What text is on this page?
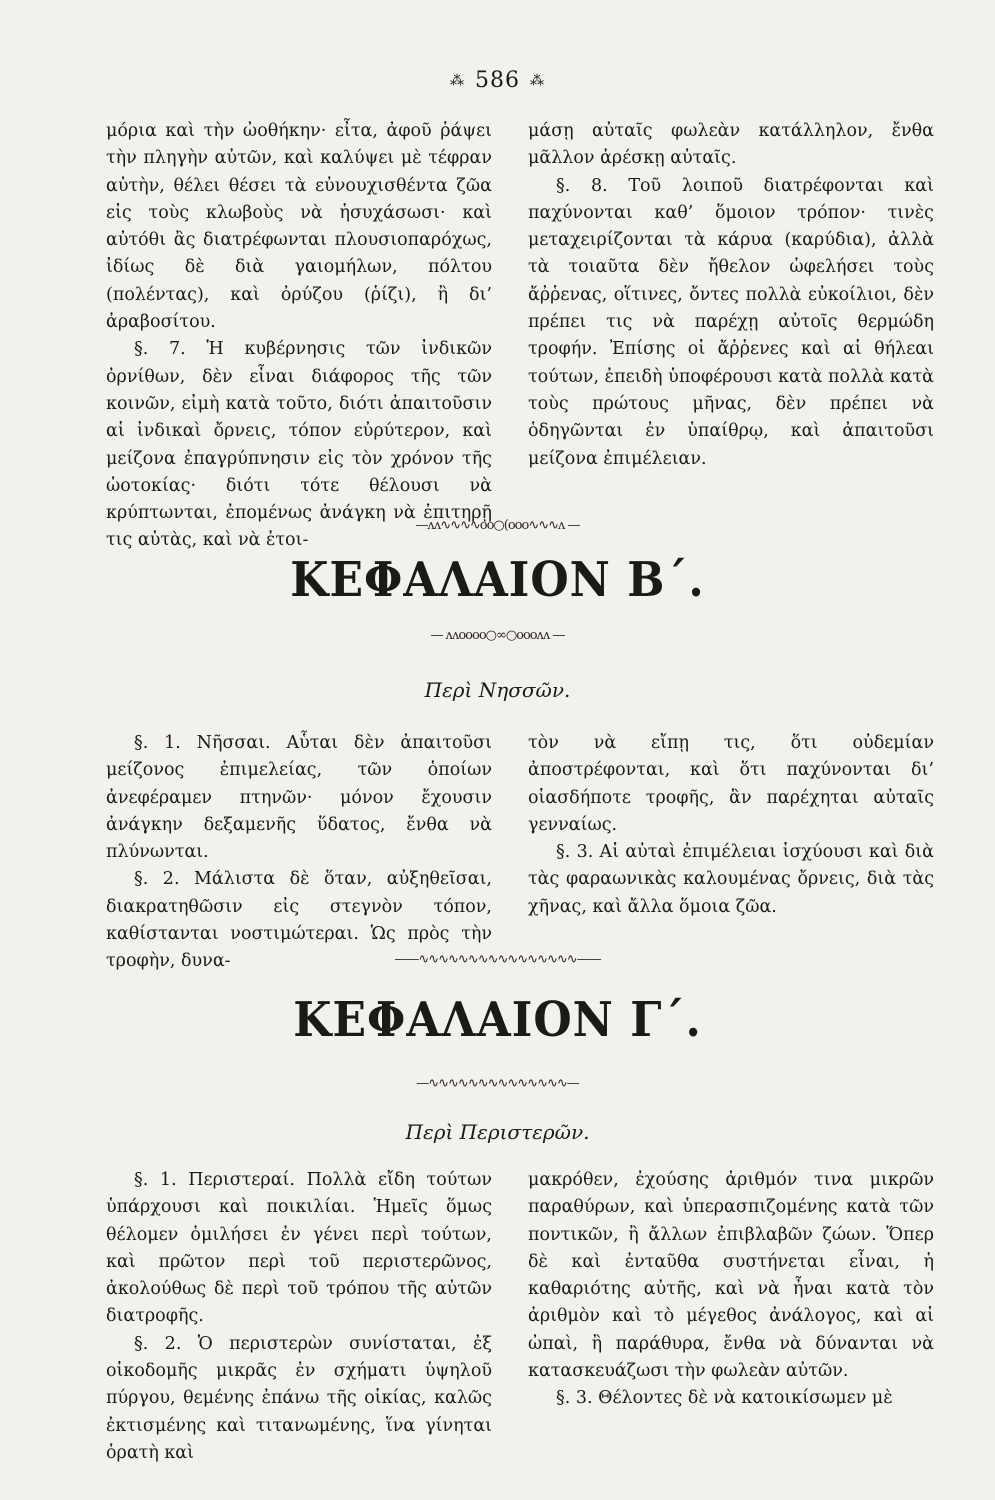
⁂ 586 ⁂

μόρια καὶ τὴν ὠοθήκην· εἶτα, ἀφοῦ ῥάψει τὴν πληγὴν αὐτῶν, καὶ καλύψει μὲ τέφραν αὐτὴν, θέλει θέσει τὰ εὐνουχισθέντα ζῶα εἰς τοὺς κλωβοὺς νὰ ἡσυχάσωσι· καὶ αὐτόθι ἂς διατρέφωνται πλουσιοπαρόχως, ἰδίως δὲ διὰ γαιομήλων, πόλτου (πολέντας), καὶ ὀρύζου (ῥίζι), ἢ δι’ ἀραβοσίτου.

§. 7. Ἡ κυβέρνησις τῶν ἰνδικῶν ὀρνίθων, δὲν εἶναι διάφορος τῆς τῶν κοινῶν, εἰμὴ κατὰ τοῦτο, διότι ἀπαιτοῦσιν αἱ ἰνδικαὶ ὄρνεις, τόπον εὐρύτερον, καὶ μείζονα ἐπαγρύπνησιν εἰς τὸν χρόνον τῆς ὠοτοκίας· διότι τότε θέλουσι νὰ κρύπτωνται, ἐπομένως ἀνάγκη νὰ ἐπιτηρῇ τις αὐτὰς, καὶ νὰ ἑτοι-

μάσῃ αὐταῖς φωλεὰν κατάλληλον, ἔνθα μᾶλλον ἀρέσκῃ αὐταῖς.

§. 8. Τοῦ λοιποῦ διατρέφονται καὶ παχύνονται καθ’ ὅμοιον τρόπον· τινὲς μεταχειρίζονται τὰ κάρυα (καρύδια), ἀλλὰ τὰ τοιαῦτα δὲν ἤθελον ὠφελήσει τοὺς ἄῤῥενας, οἵτινες, ὄντες πολλὰ εὐκοίλιοι, δὲν πρέπει τις νὰ παρέχῃ αὐτοῖς θερμώδη τροφήν. Ἐπίσης οἱ ἄῤῥενες καὶ αἱ θήλεαι τούτων, ἐπειδὴ ὑποφέρουσι κατὰ πολλὰ κατὰ τοὺς πρώτους μῆνας, δὲν πρέπει νὰ ὁδηγῶνται ἐν ὑπαίθρῳ, καὶ ἀπαιτοῦσι μείζονα ἐπιμέλειαν.

—ʌʌ∿∿∿∿oo○(ooo∿∿∿ʌ —
ΚΕΦΑΛΑΙΟΝ Β΄.
— ʌʌoooo○∞○oooʌʌ —
Περὶ Νησσῶν.

§. 1. Νῆσσαι. Αὗται δὲν ἀπαιτοῦσι μείζονος ἐπιμελείας, τῶν ὁποίων ἀνεφέραμεν πτηνῶν· μόνον ἔχουσιν ἀνάγκην δεξαμενῆς ὕδατος, ἔνθα νὰ πλύνωνται.

§. 2. Μάλιστα δὲ ὅταν, αὐξηθεῖσαι, διακρατηθῶσιν εἰς στεγνὸν τόπον, καθίστανται νοστιμώτεραι. Ὡς πρὸς τὴν τροφὴν, δυνα-

τὸν νὰ εἴπῃ τις, ὅτι οὐδεμίαν ἀποστρέφονται, καὶ ὅτι παχύνονται δι’ οἱασδήποτε τροφῆς, ἂν παρέχηται αὐταῖς γενναίως.

§. 3. Αἱ αὐταὶ ἐπιμέλειαι ἰσχύουσι καὶ διὰ τὰς φαραωνικὰς καλουμένας ὄρνεις, διὰ τὰς χῆνας, καὶ ἄλλα ὅμοια ζῶα.

——∿∿∿∿∿∿∿∿∿∿∿∿∿∿∿∿——
ΚΕΦΑΛΑΙΟΝ Γ΄.
—∿∿∿∿∿∿∿∿∿∿∿∿∿∿—
Περὶ Περιστερῶν.

§. 1. Περιστεραί. Πολλὰ εἴδη τούτων ὑπάρχουσι καὶ ποικιλίαι. Ἡμεῖς ὅμως θέλομεν ὁμιλήσει ἐν γένει περὶ τούτων, καὶ πρῶτον περὶ τοῦ περιστερῶνος, ἀκολούθως δὲ περὶ τοῦ τρόπου τῆς αὐτῶν διατροφῆς.

§. 2. Ὁ περιστερὼν συνίσταται, ἐξ οἰκοδομῆς μικρᾶς ἐν σχήματι ὑψηλοῦ πύργου, θεμένης ἐπάνω τῆς οἰκίας, καλῶς ἐκτισμένης καὶ τιτανωμένης, ἵνα γίνηται ὁρατὴ καὶ

μακρόθεν, ἐχούσης ἀριθμόν τινα μικρῶν παραθύρων, καὶ ὑπερασπιζομένης κατὰ τῶν ποντικῶν, ἢ ἄλλων ἐπιβλαβῶν ζώων. Ὅπερ δὲ καὶ ἐνταῦθα συστήνεται εἶναι, ἡ καθαριότης αὐτῆς, καὶ νὰ ἦναι κατὰ τὸν ἀριθμὸν καὶ τὸ μέγεθος ἀνάλογος, καὶ αἱ ὠπαὶ, ἢ παράθυρα, ἔνθα νὰ δύνανται νὰ κατασκευάζωσι τὴν φωλεὰν αὐτῶν.

§. 3. Θέλοντες δὲ νὰ κατοικίσωμεν μὲ
